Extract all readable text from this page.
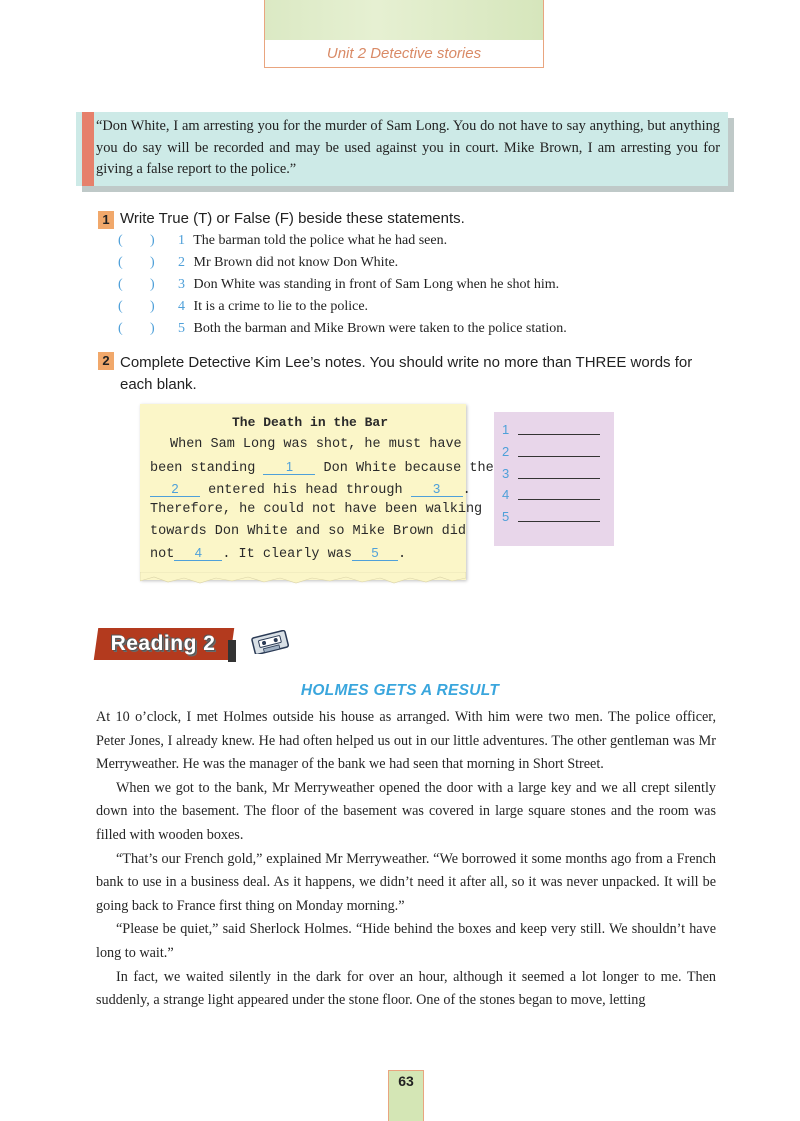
Unit 2 Detective stories
“Don White, I am arresting you for the murder of Sam Long. You do not have to say anything, but anything you do say will be recorded and may be used against you in court. Mike Brown, I am arresting you for giving a false report to the police.”
1 Write True (T) or False (F) beside these statements.
( ) 1 The barman told the police what he had seen.
( ) 2 Mr Brown did not know Don White.
( ) 3 Don White was standing in front of Sam Long when he shot him.
( ) 4 It is a crime to lie to the police.
( ) 5 Both the barman and Mike Brown were taken to the police station.
2 Complete Detective Kim Lee’s notes. You should write no more than THREE words for
each blank.
The Death in the Bar
When Sam Long was shot, he must have
been standing 1 Don White because the
2 entered his head through 3 .
Therefore, he could not have been walking
towards Don White and so Mike Brown did
not 4 . It clearly was 5 .
1
2
3
4
5
Reading 2
HOLMES GETS A RESULT

At 10 o’clock, I met Holmes outside his house as arranged. With him were two men. The police officer, Peter Jones, I already knew. He had often helped us out in our little adventures. The other gentleman was Mr Merryweather. He was the manager of the bank we had seen that morning in Short Street.

When we got to the bank, Mr Merryweather opened the door with a large key and we all crept silently down into the basement. The floor of the basement was covered in large square stones and the room was filled with wooden boxes.

“That’s our French gold,” explained Mr Merryweather. “We borrowed it some months ago from a French bank to use in a business deal. As it happens, we didn’t need it after all, so it was never unpacked. It will be going back to France first thing on Monday morning.”

“Please be quiet,” said Sherlock Holmes. “Hide behind the boxes and keep very still. We shouldn’t have long to wait.”

In fact, we waited silently in the dark for over an hour, although it seemed a lot longer to me. Then suddenly, a strange light appeared under the stone floor. One of the stones began to move, letting

63
